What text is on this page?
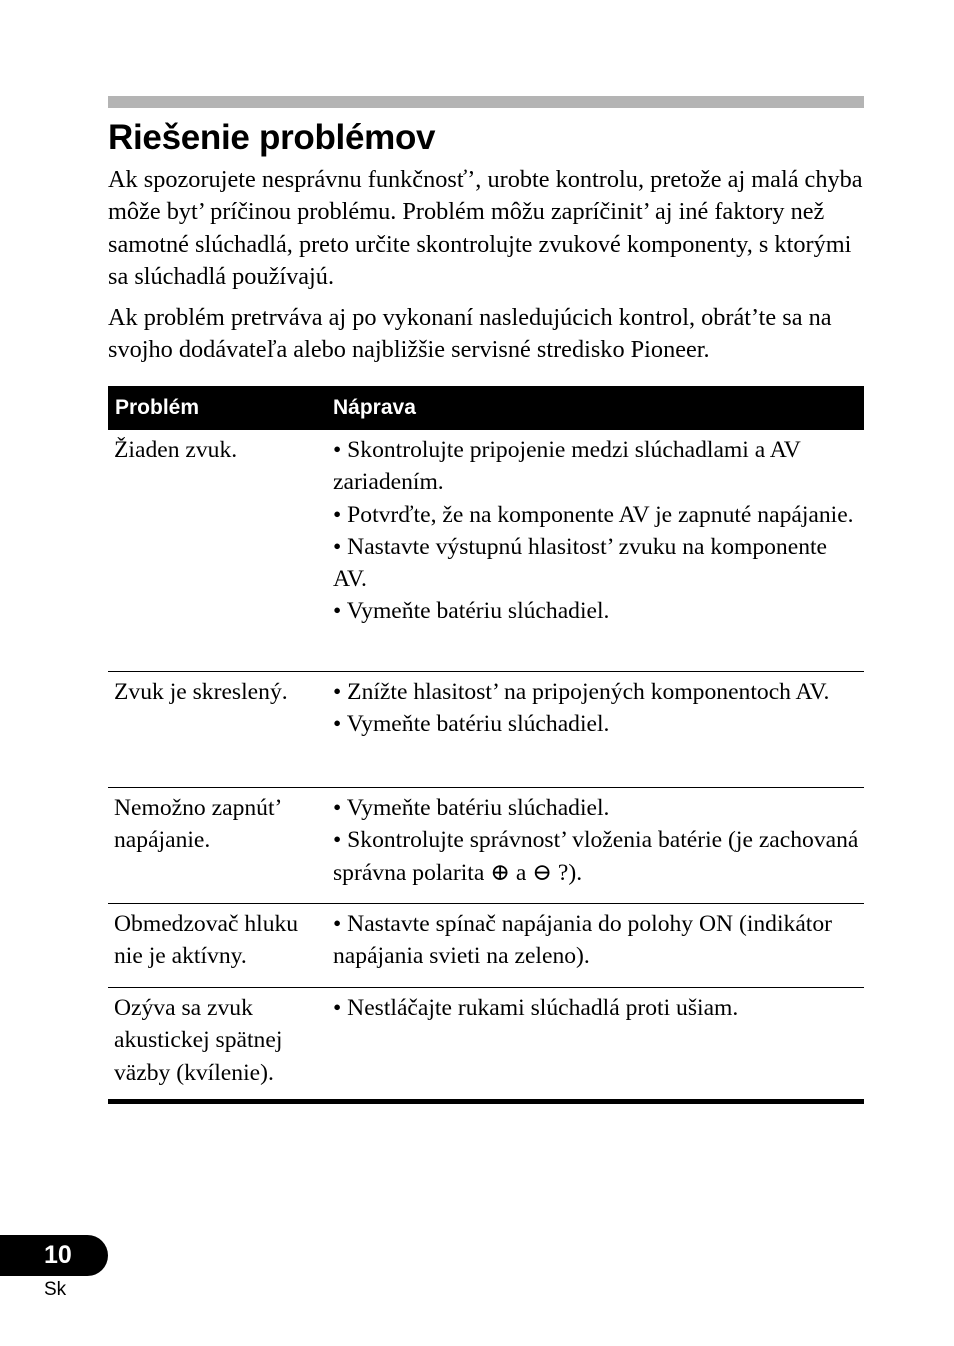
Riešenie problémov

Ak spozorujete nesprávnu funkčnosť’, urobte kontrolu, pretože aj malá chyba môže byt’ príčinou problému. Problém môžu zapríčinit’ aj iné faktory než samotné slúchadlá, preto určite skontrolujte zvukové komponenty, s ktorými sa slúchadlá používajú.

Ak problém pretrváva aj po vykonaní nasledujúcich kontrol, obrát’te sa na svojho dodávateľa alebo najbližšie servisné stredisko Pioneer.

Problém	Náprava
Žiaden zvuk.	• Skontrolujte pripojenie medzi slúchadlami a AV zariadením.
• Potvrďte, že na komponente AV je zapnuté napájanie.
• Nastavte výstupnú hlasitost’ zvuku na komponente AV.
• Vymeňte batériu slúchadiel.

Zvuk je skreslený.	• Znížte hlasitost’ na pripojených komponentoch AV.
• Vymeňte batériu slúchadiel.

Nemožno zapnút’ napájanie.	• Vymeňte batériu slúchadiel.
• Skontrolujte správnost’ vloženia batérie (je zachovaná správna polarita ⊕ a ⊖ ?).

Obmedzovač hluku nie je aktívny.	• Nastavte spínač napájania do polohy ON (indikátor napájania svieti na zeleno).

Ozýva sa zvuk akustickej spätnej väzby (kvílenie).	• Nestláčajte rukami slúchadlá proti ušiam.
10
Sk
